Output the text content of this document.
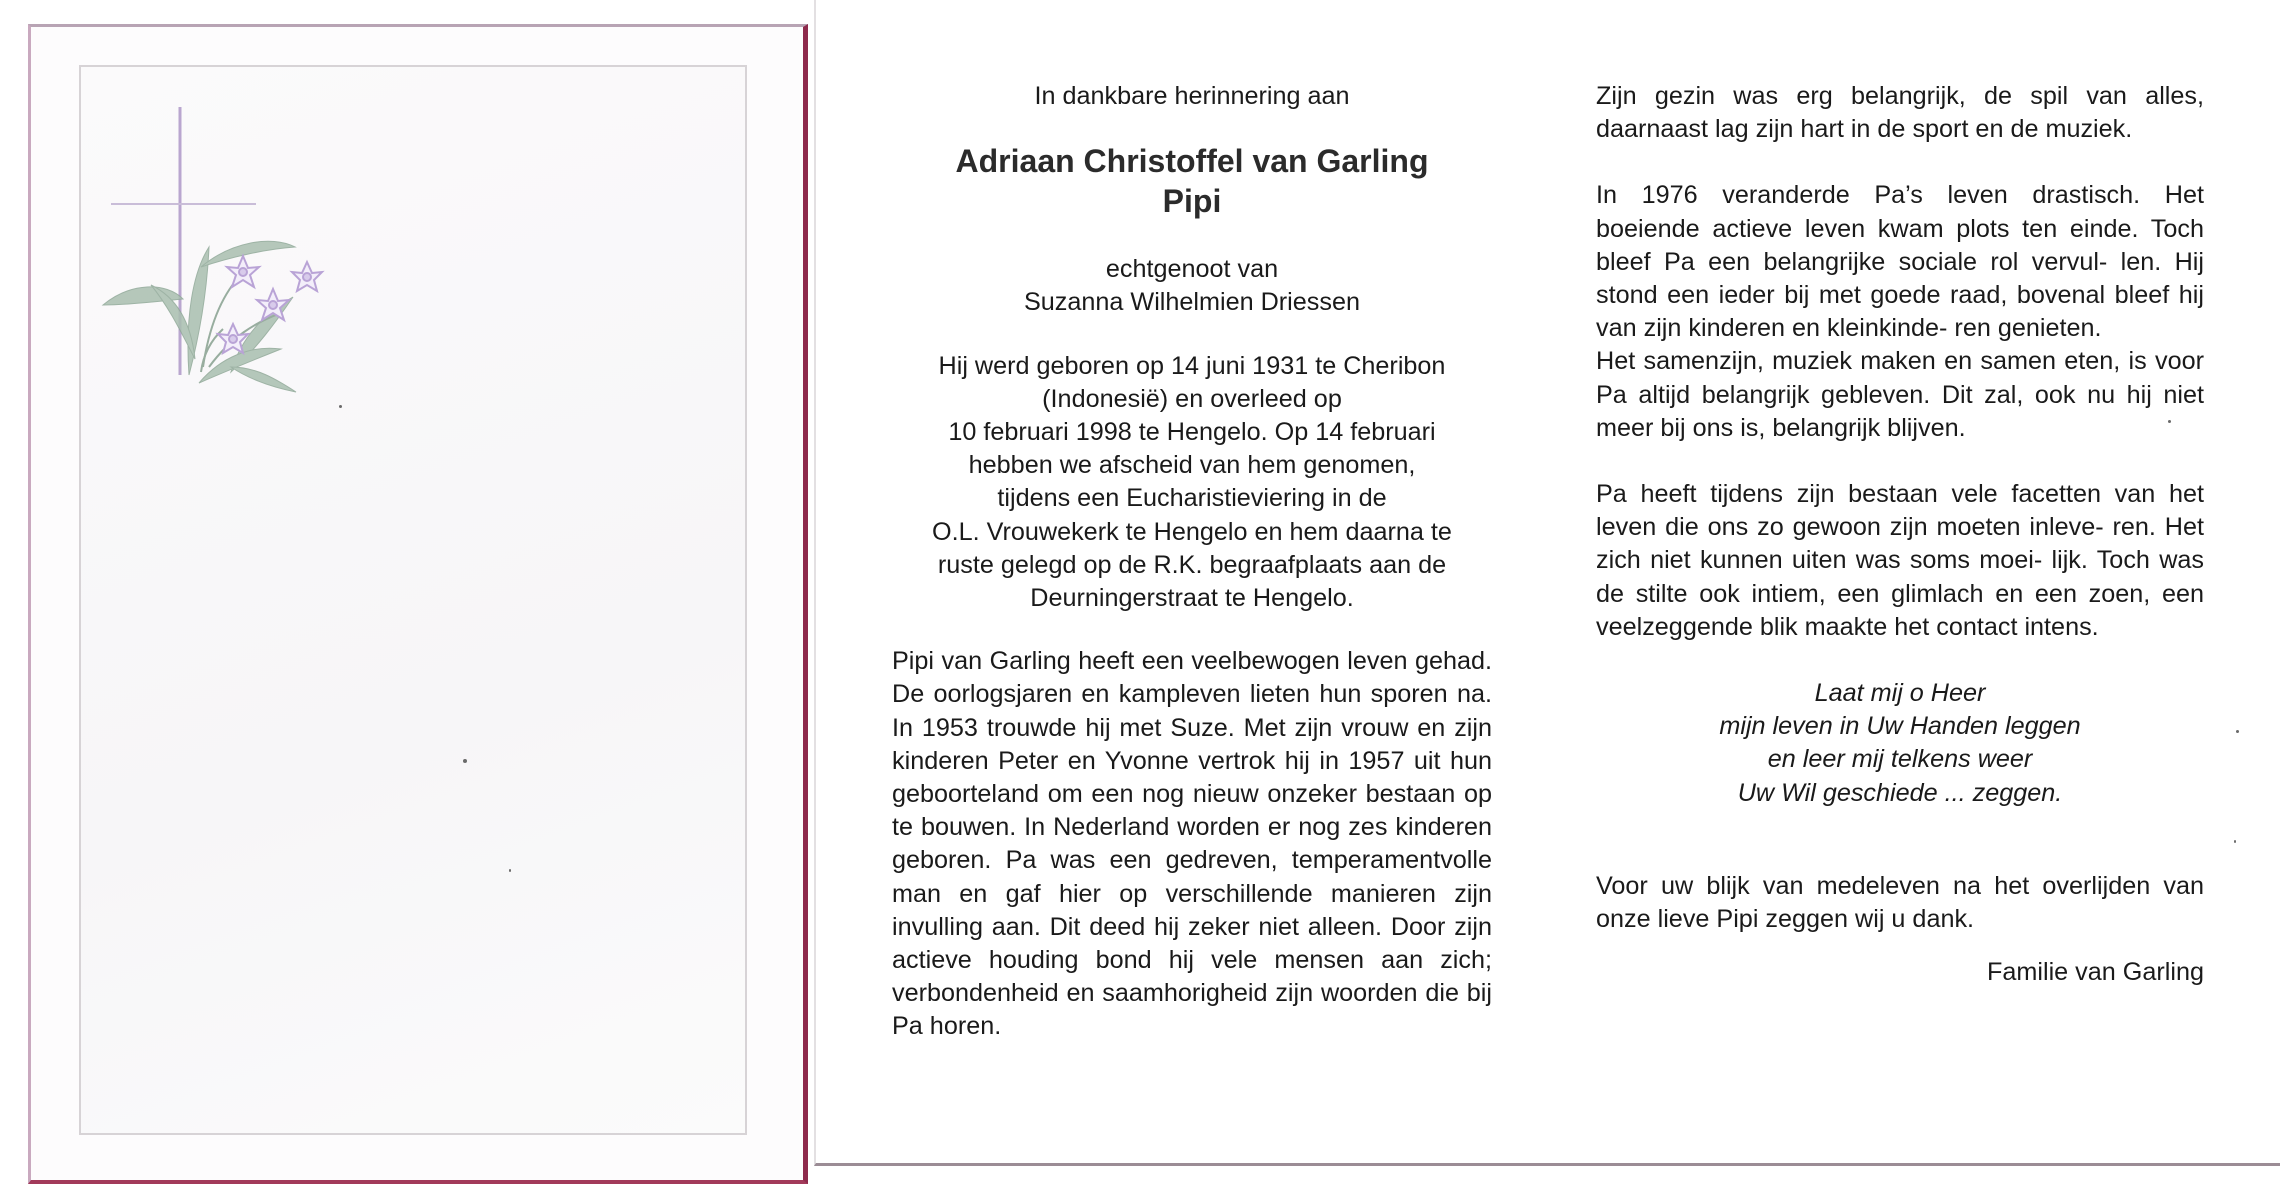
In dankbare herinnering aan

Adriaan Christoffel van Garling

Pipi

echtgenoot van
Suzanna Wilhelmien Driessen
Hij werd geboren op 14 juni 1931 te Cheribon
(Indonesië) en overleed op
10 februari 1998 te Hengelo. Op 14 februari
hebben we afscheid van hem genomen,
tijdens een Eucharistieviering in de
O.L. Vrouwekerk te Hengelo en hem daarna te
ruste gelegd op de R.K. begraafplaats aan de
Deurningerstraat te Hengelo.

Pipi van Garling heeft een veelbewogen leven gehad. De oorlogsjaren en kampleven lieten hun sporen na. In 1953 trouwde hij met Suze. Met zijn vrouw en zijn kinderen Peter en Yvonne vertrok hij in 1957 uit hun geboorteland om een nog nieuw onzeker bestaan op te bouwen. In Nederland worden er nog zes kinderen geboren. Pa was een gedreven, temperamentvolle man en gaf hier op verschillende manieren zijn invulling aan. Dit deed hij zeker niet alleen. Door zijn actieve houding bond hij vele mensen aan zich; verbondenheid en saamhorigheid zijn woorden die bij Pa horen.

Zijn gezin was erg belangrijk, de spil van alles, daarnaast lag zijn hart in de sport en de muziek.

In 1976 veranderde Pa’s leven drastisch. Het boeiende actieve leven kwam plots ten einde. Toch bleef Pa een belangrijke sociale rol vervul- len. Hij stond een ieder bij met goede raad, bovenal bleef hij van zijn kinderen en kleinkinde- ren genieten.

Het samenzijn, muziek maken en samen eten, is voor Pa altijd belangrijk gebleven. Dit zal, ook nu hij niet meer bij ons is, belangrijk blijven.

Pa heeft tijdens zijn bestaan vele facetten van het leven die ons zo gewoon zijn moeten inleve- ren. Het zich niet kunnen uiten was soms moei- lijk. Toch was de stilte ook intiem, een glimlach en een zoen, een veelzeggende blik maakte het contact intens.

Laat mij o Heer
mijn leven in Uw Handen leggen
en leer mij telkens weer
Uw Wil geschiede ... zeggen.

Voor uw blijk van medeleven na het overlijden van onze lieve Pipi zeggen wij u dank.

Familie van Garling
